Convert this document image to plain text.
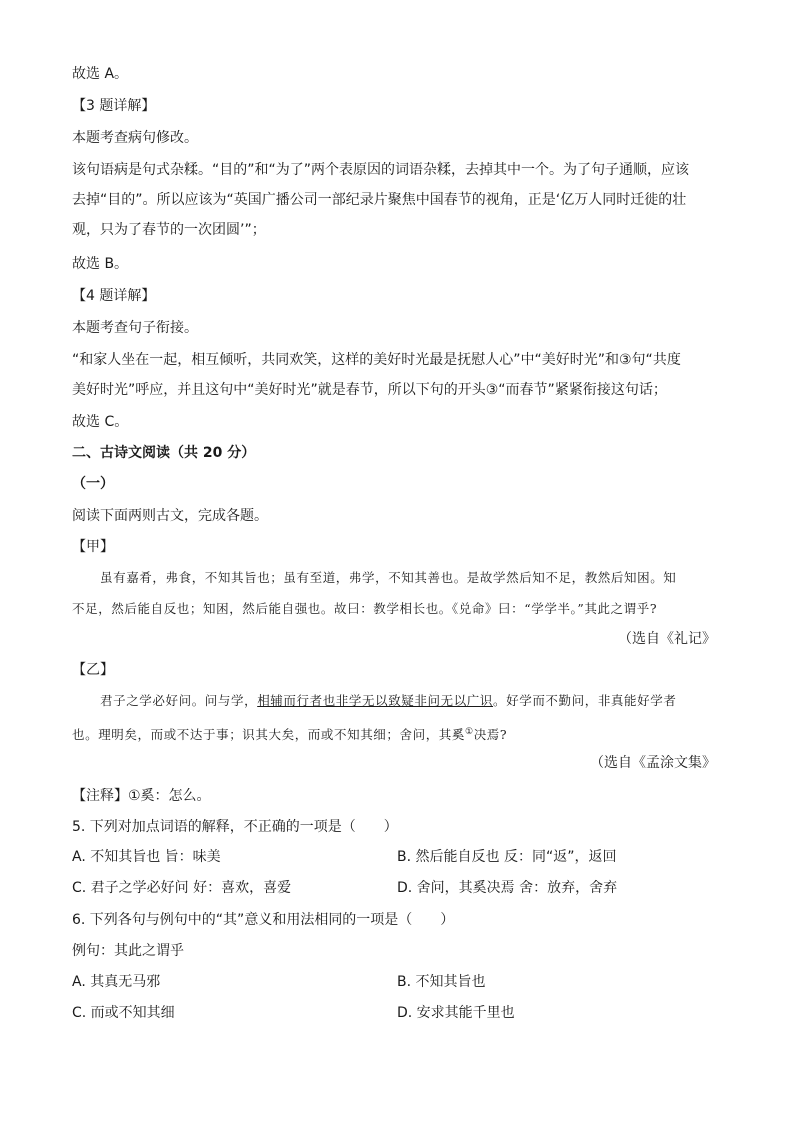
故选 A。
【3 题详解】
本题考查病句修改。
该句语病是句式杂糅。“目的”和“为了”两个表原因的词语杂糅，去掉其中一个。为了句子通顺，应该
去掉“目的”。所以应该为“英国广播公司一部纪录片聚焦中国春节的视角，正是‘亿万人同时迁徙的壮
观，只为了春节的一次团圆’”；
故选 B。
【4 题详解】
本题考查句子衔接。
“和家人坐在一起，相互倾听，共同欢笑，这样的美好时光最是抚慰人心”中“美好时光”和③句“共度
美好时光”呼应，并且这句中“美好时光”就是春节，所以下句的开头③“而春节”紧紧衔接这句话；
故选 C。
二、古诗文阅读（共 20 分）
（一）
阅读下面两则古文，完成各题。
【甲】
虽有嘉肴，弗食，不知其旨也；虽有至道，弗学，不知其善也。是故学然后知不足，教然后知困。知
不足，然后能自反也；知困，然后能自强也。故曰：教学相长也。《兑命》曰：“学学半。”其此之谓乎?
（选自《礼记》
【乙】
君子之学必好问。问与学，相辅而行者也非学无以致疑非问无以广识。好学而不勤问，非真能好学者
也。理明矣，而或不达于事；识其大矣，而或不知其细；舍问，其奚①决焉?
（选自《孟涂文集》
【注释】①奚：怎么。
5. 下列对加点词语的解释，不正确的一项是（　　）
A. 不知其旨也 旨：味美	B. 然后能自反也 反：同“返”，返回
C. 君子之学必好问 好：喜欢，喜爱	D. 舍问，其奚决焉 舍：放弃，舍弃
6. 下列各句与例句中的“其”意义和用法相同的一项是（　　）
例句：其此之谓乎
A. 其真无马邪	B. 不知其旨也
C. 而或不知其细	D. 安求其能千里也
